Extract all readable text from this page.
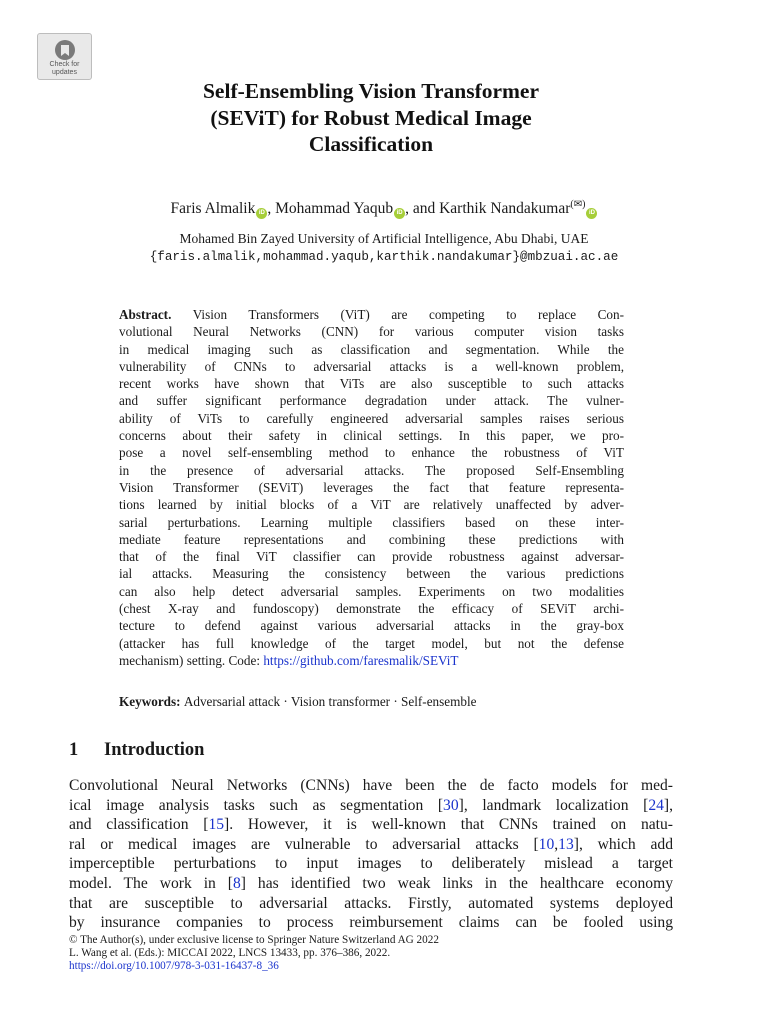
Check for
updates
Self-Ensembling Vision Transformer
(SEViT) for Robust Medical Image
Classification
Faris Almalik iD , Mohammad Yaqub iD , and Karthik Nandakumar(✉)iD
Mohamed Bin Zayed University of Artificial Intelligence, Abu Dhabi, UAE
{faris.almalik,mohammad.yaqub,karthik.nandakumar}@mbzuai.ac.ae
Abstract. Vision Transformers (ViT) are competing to replace Con-
volutional Neural Networks (CNN) for various computer vision tasks
in medical imaging such as classification and segmentation. While the
vulnerability of CNNs to adversarial attacks is a well-known problem,
recent works have shown that ViTs are also susceptible to such attacks
and suffer significant performance degradation under attack. The vulner-
ability of ViTs to carefully engineered adversarial samples raises serious
concerns about their safety in clinical settings. In this paper, we pro-
pose a novel self-ensembling method to enhance the robustness of ViT
in the presence of adversarial attacks. The proposed Self-Ensembling
Vision Transformer (SEViT) leverages the fact that feature representa-
tions learned by initial blocks of a ViT are relatively unaffected by adver-
sarial perturbations. Learning multiple classifiers based on these inter-
mediate feature representations and combining these predictions with
that of the final ViT classifier can provide robustness against adversar-
ial attacks. Measuring the consistency between the various predictions
can also help detect adversarial samples. Experiments on two modalities
(chest X-ray and fundoscopy) demonstrate the efficacy of SEViT archi-
tecture to defend against various adversarial attacks in the gray-box
(attacker has full knowledge of the target model, but not the defense
mechanism) setting. Code: https://github.com/faresmalik/SEViT
Keywords: Adversarial attack · Vision transformer · Self-ensemble
1 Introduction
Convolutional Neural Networks (CNNs) have been the de facto models for med-
ical image analysis tasks such as segmentation [30], landmark localization [24],
and classification [15]. However, it is well-known that CNNs trained on natu-
ral or medical images are vulnerable to adversarial attacks [10,13], which add
imperceptible perturbations to input images to deliberately mislead a target
model. The work in [8] has identified two weak links in the healthcare economy
that are susceptible to adversarial attacks. Firstly, automated systems deployed
by insurance companies to process reimbursement claims can be fooled using
© The Author(s), under exclusive license to Springer Nature Switzerland AG 2022
L. Wang et al. (Eds.): MICCAI 2022, LNCS 13433, pp. 376–386, 2022.
https://doi.org/10.1007/978-3-031-16437-8_36
